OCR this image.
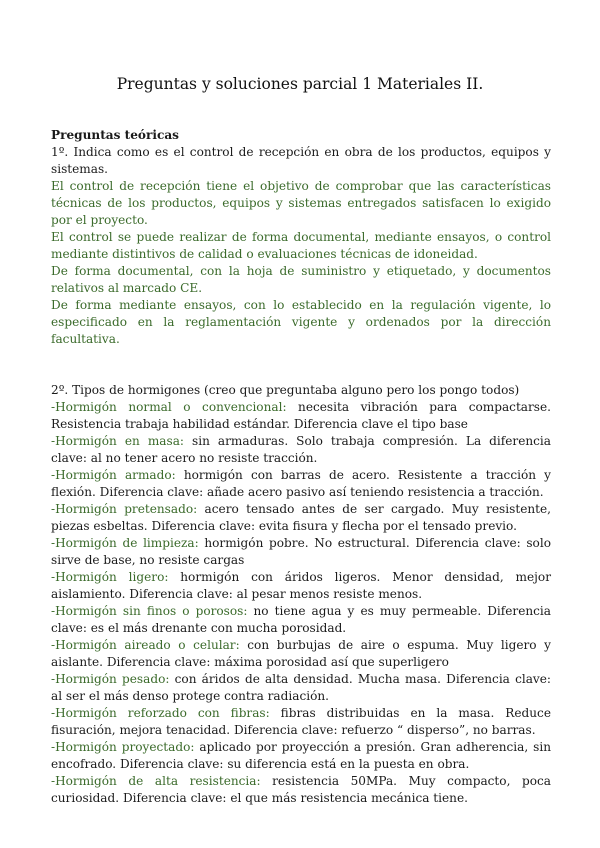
Preguntas y soluciones parcial 1 Materiales II.

Preguntas teóricas

1º. Indica como es el control de recepción en obra de los productos, equipos y sistemas.

El control de recepción tiene el objetivo de comprobar que las características técnicas de los productos, equipos y sistemas entregados satisfacen lo exigido por el proyecto.

El control se puede realizar de forma documental, mediante ensayos, o control mediante distintivos de calidad o evaluaciones técnicas de idoneidad.

De forma documental, con la hoja de suministro y etiquetado, y documentos relativos al marcado CE.

De forma mediante ensayos, con lo establecido en la regulación vigente, lo especificado en la reglamentación vigente y ordenados por la dirección facultativa.

2º. Tipos de hormigones (creo que preguntaba alguno pero los pongo todos)

-Hormigón normal o convencional: necesita vibración para compactarse. Resistencia trabaja habilidad estándar. Diferencia clave el tipo base

-Hormigón en masa: sin armaduras. Solo trabaja compresión. La diferencia clave: al no tener acero no resiste tracción.

-Hormigón armado: hormigón con barras de acero. Resistente a tracción y flexión. Diferencia clave: añade acero pasivo así teniendo resistencia a tracción.

-Hormigón pretensado: acero tensado antes de ser cargado. Muy resistente, piezas esbeltas. Diferencia clave: evita fisura y flecha por el tensado previo.

-Hormigón de limpieza: hormigón pobre. No estructural. Diferencia clave: solo sirve de base, no resiste cargas

-Hormigón ligero: hormigón con áridos ligeros. Menor densidad, mejor aislamiento. Diferencia clave: al pesar menos resiste menos.

-Hormigón sin finos o porosos: no tiene agua y es muy permeable. Diferencia clave: es el más drenante con mucha porosidad.

-Hormigón aireado o celular: con burbujas de aire o espuma. Muy ligero y aislante. Diferencia clave: máxima porosidad así que superligero

-Hormigón pesado: con áridos de alta densidad. Mucha masa. Diferencia clave: al ser el más denso protege contra radiación.

-Hormigón reforzado con fibras: fibras distribuidas en la masa. Reduce fisuración, mejora tenacidad. Diferencia clave: refuerzo “ disperso”, no barras.

-Hormigón proyectado: aplicado por proyección a presión. Gran adherencia, sin encofrado. Diferencia clave: su diferencia está en la puesta en obra.

-Hormigón de alta resistencia: resistencia 50MPa. Muy compacto, poca curiosidad. Diferencia clave: el que más resistencia mecánica tiene.
